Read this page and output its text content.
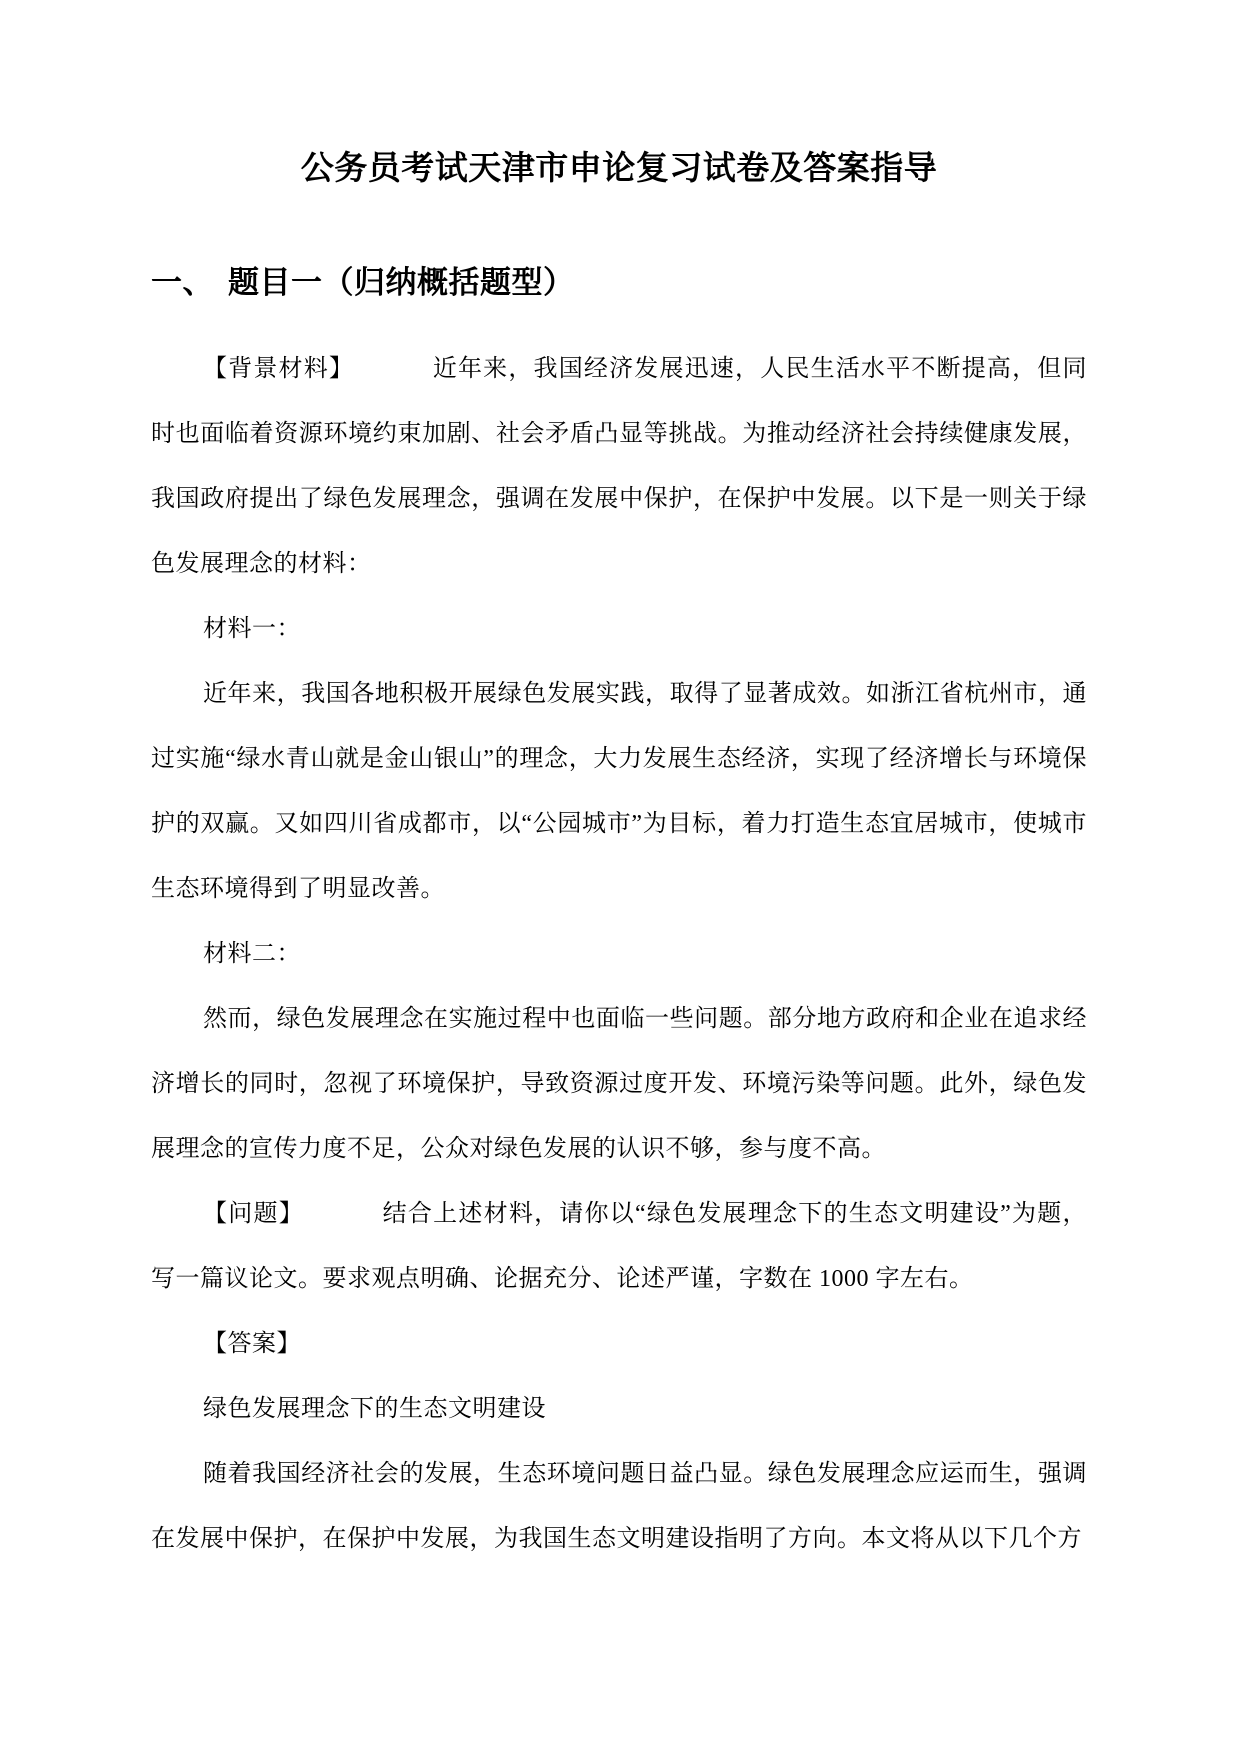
公务员考试天津市申论复习试卷及答案指导
一、 题目一（归纳概括题型）

【背景材料】	近年来，我国经济发展迅速，人民生活水平不断提高，但同时也面临着资源环境约束加剧、社会矛盾凸显等挑战。为推动经济社会持续健康发展，我国政府提出了绿色发展理念，强调在发展中保护，在保护中发展。以下是一则关于绿色发展理念的材料：

材料一：

近年来，我国各地积极开展绿色发展实践，取得了显著成效。如浙江省杭州市，通过实施“绿水青山就是金山银山”的理念，大力发展生态经济，实现了经济增长与环境保护的双赢。又如四川省成都市，以“公园城市”为目标，着力打造生态宜居城市，使城市生态环境得到了明显改善。

材料二：

然而，绿色发展理念在实施过程中也面临一些问题。部分地方政府和企业在追求经济增长的同时，忽视了环境保护，导致资源过度开发、环境污染等问题。此外，绿色发展理念的宣传力度不足，公众对绿色发展的认识不够，参与度不高。

【问题】	结合上述材料，请你以“绿色发展理念下的生态文明建设”为题，写一篇议论文。要求观点明确、论据充分、论述严谨，字数在 1000 字左右。

【答案】

绿色发展理念下的生态文明建设

随着我国经济社会的发展，生态环境问题日益凸显。绿色发展理念应运而生，强调在发展中保护，在保护中发展，为我国生态文明建设指明了方向。本文将从以下几个方
